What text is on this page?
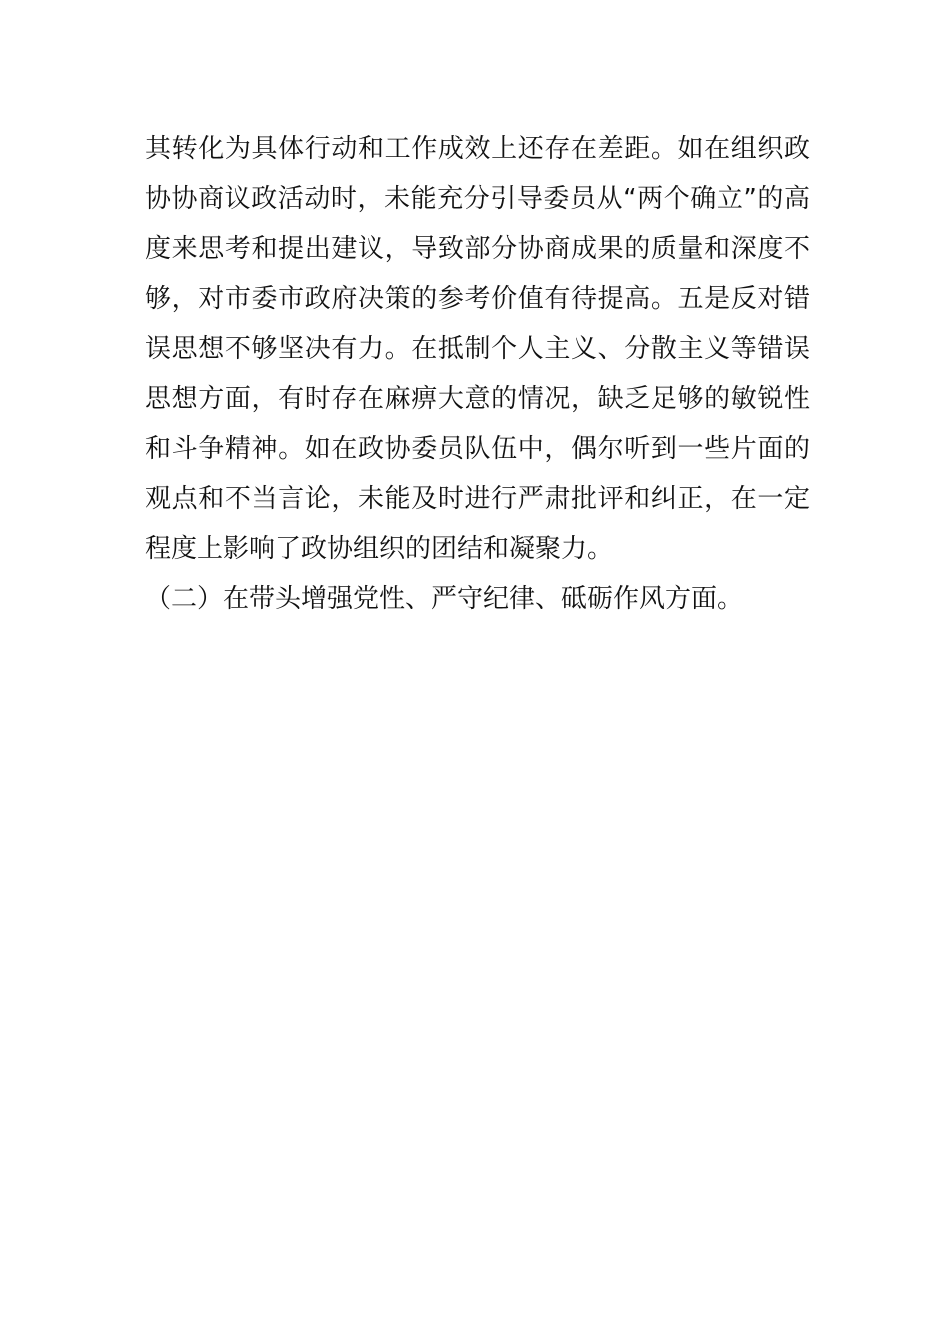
其转化为具体行动和工作成效上还存在差距。如在组织政
协协商议政活动时，未能充分引导委员从“两个确立”的高
度来思考和提出建议，导致部分协商成果的质量和深度不
够，对市委市政府决策的参考价值有待提高。五是反对错
误思想不够坚决有力。在抵制个人主义、分散主义等错误
思想方面，有时存在麻痹大意的情况，缺乏足够的敏锐性
和斗争精神。如在政协委员队伍中，偶尔听到一些片面的
观点和不当言论，未能及时进行严肃批评和纠正，在一定
程度上影响了政协组织的团结和凝聚力。
（二）在带头增强党性、严守纪律、砥砺作风方面。
